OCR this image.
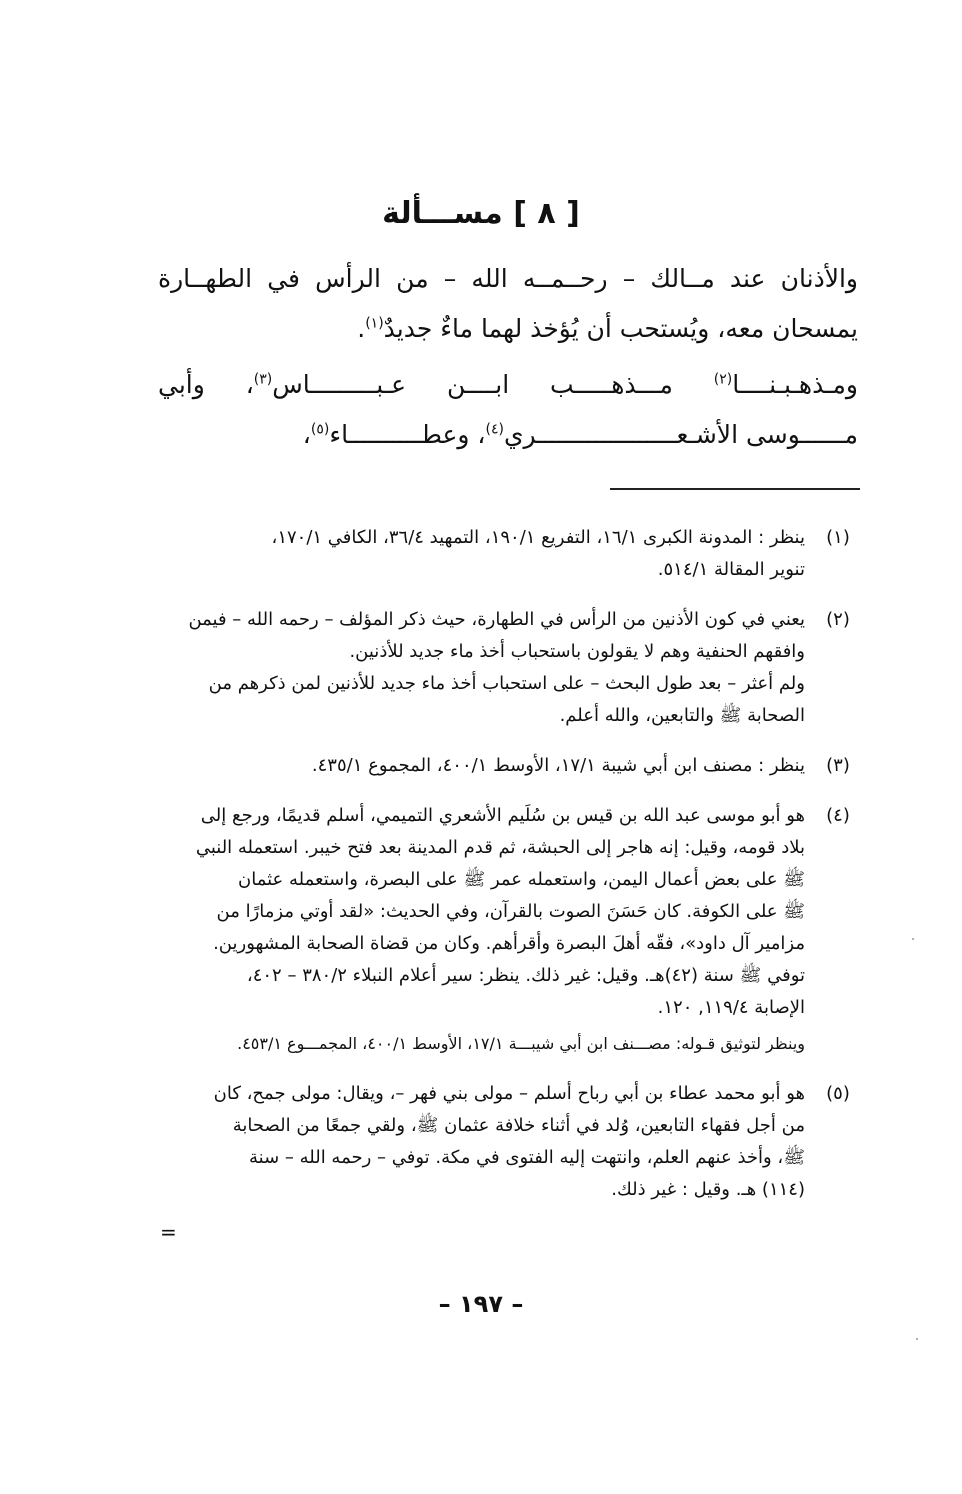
[ ٨ ] مســـألة

والأذنان عند مــالك – رحــمــه الله – من الرأس في الطهــارة

يمسحان معه، ويُستحب أن يُؤخذ لهما ماءٌ جديدٌ$^{(١)}$.

ومـذهـبـنــــا$^{(٢)}$ مـــذهـــــب ابــــن عـبـــــــــاس$^{(٣)}$، وأبي

مــــــوسى الأشـعـــــــــــــــــــري$^{(٤)}$، وعطــــــــــاء$^{(٥)}$،

(١)
ينظر : المدونة الكبرى ١٦/١، التفريع ١٩٠/١، التمهيد ٣٦/٤، الكافي ١٧٠/١،
تنوير المقالة ٥١٤/١.
(٢)
يعني في كون الأذنين من الرأس في الطهارة، حيث ذكر المؤلف – رحمه الله – فيمن
وافقهم الحنفية وهم لا يقولون باستحباب أخذ ماء جديد للأذنين.
ولم أعثر – بعد طول البحث – على استحباب أخذ ماء جديد للأذنين لمن ذكرهم من
الصحابة ﷺ والتابعين، والله أعلم.
(٣)
ينظر : مصنف ابن أبي شيبة ١٧/١، الأوسط ٤٠٠/١، المجموع ٤٣٥/١.
(٤)
هو أبو موسى عبد الله بن قيس بن سُلَيم الأشعري التميمي، أسلم قديمًا، ورجع إلى
بلاد قومه، وقيل: إنه هاجر إلى الحبشة، ثم قدم المدينة بعد فتح خيبر. استعمله النبي
ﷺ على بعض أعمال اليمن، واستعمله عمر ﷺ على البصرة، واستعمله عثمان
ﷺ على الكوفة. كان حَسَنَ الصوت بالقرآن، وفي الحديث: «لقد أوتي مزمارًا من
مزامير آل داود»، فقّه أهلَ البصرة وأقرأهم. وكان من قضاة الصحابة المشهورين.
توفي ﷺ سنة (٤٢)هـ. وقيل: غير ذلك. ينظر: سير أعلام النبلاء ٣٨٠/٢ – ٤٠٢،
الإصابة ١١٩/٤, ١٢٠.
وينظر لتوثيق قـوله: مصـــنف ابن أبي شيبـــة ١٧/١، الأوسط ٤٠٠/١، المجمـــوع ٤٥٣/١.
(٥)
هو أبو محمد عطاء بن أبي رباح أسلم – مولى بني فهر –، ويقال: مولى جمح، كان
من أجل فقهاء التابعين، وُلد في أثناء خلافة عثمان ﷺ، ولقي جمعًا من الصحابة
ﷺ، وأخذ عنهم العلم، وانتهت إليه الفتوى في مكة. توفي – رحمه الله – سنة
(١١٤) هـ. وقيل : غير ذلك.
=
– ١٩٧ –
